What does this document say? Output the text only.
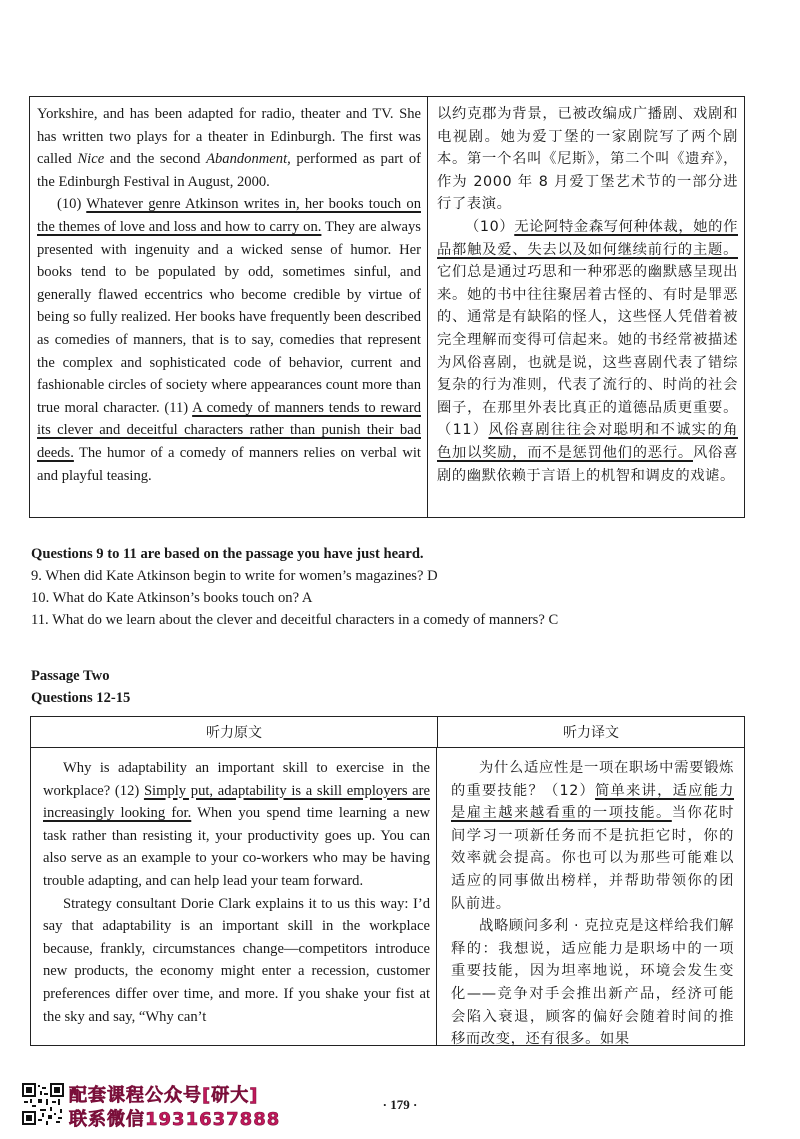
Yorkshire, and has been adapted for radio, theater and TV. She has written two plays for a theater in Edinburgh. The first was called Nice and the second Abandonment, performed as part of the Edinburgh Festival in August, 2000.

(10) Whatever genre Atkinson writes in, her books touch on the themes of love and loss and how to carry on. They are always presented with ingenuity and a wicked sense of humor. Her books tend to be populated by odd, sometimes sinful, and generally flawed eccentrics who become credible by virtue of being so fully realized. Her books have frequently been described as comedies of manners, that is to say, comedies that represent the complex and sophisticated code of behavior, current and fashionable circles of society where appearances count more than true moral character. (11) A comedy of manners tends to reward its clever and deceitful characters rather than punish their bad deeds. The humor of a comedy of manners relies on verbal wit and playful teasing.

以约克郡为背景，已被改编成广播剧、戏剧和电视剧。她为爱丁堡的一家剧院写了两个剧本。第一个名叫《尼斯》，第二个叫《遗弃》，作为 2000 年 8 月爱丁堡艺术节的一部分进行了表演。

（10）无论阿特金森写何种体裁，她的作品都触及爱、失去以及如何继续前行的主题。它们总是通过巧思和一种邪恶的幽默感呈现出来。她的书中往往聚居着古怪的、有时是罪恶的、通常是有缺陷的怪人，这些怪人凭借着被完全理解而变得可信起来。她的书经常被描述为风俗喜剧，也就是说，这些喜剧代表了错综复杂的行为准则，代表了流行的、时尚的社会圈子，在那里外表比真正的道德品质更重要。（11）风俗喜剧往往会对聪明和不诚实的角色加以奖励，而不是惩罚他们的恶行。风俗喜剧的幽默依赖于言语上的机智和调皮的戏谑。

Questions 9 to 11 are based on the passage you have just heard.
9. When did Kate Atkinson begin to write for women’s magazines? D
10. What do Kate Atkinson’s books touch on? A
11. What do we learn about the clever and deceitful characters in a comedy of manners? C
Passage Two
Questions 12-15
听力原文	听力译文

Why is adaptability an important skill to exercise in the workplace? (12) Simply put, adaptability is a skill employers are increasingly looking for. When you spend time learning a new task rather than resisting it, your productivity goes up. You can also serve as an example to your co-workers who may be having trouble adapting, and can help lead your team forward.

Strategy consultant Dorie Clark explains it to us this way: I’d say that adaptability is an important skill in the workplace because, frankly, circumstances change—competitors introduce new products, the economy might enter a recession, customer preferences differ over time, and more. If you shake your fist at the sky and say, “Why can’t

为什么适应性是一项在职场中需要锻炼的重要技能？（12）简单来讲，适应能力是雇主越来越看重的一项技能。当你花时间学习一项新任务而不是抗拒它时，你的效率就会提高。你也可以为那些可能难以适应的同事做出榜样，并帮助带领你的团队前进。

战略顾问多利 · 克拉克是这样给我们解释的：我想说，适应能力是职场中的一项重要技能，因为坦率地说，环境会发生变化——竞争对手会推出新产品，经济可能会陷入衰退，顾客的偏好会随着时间的推移而改变，还有很多。如果

· 179 ·
配套课程公众号[研大]
联系微信1931637888
